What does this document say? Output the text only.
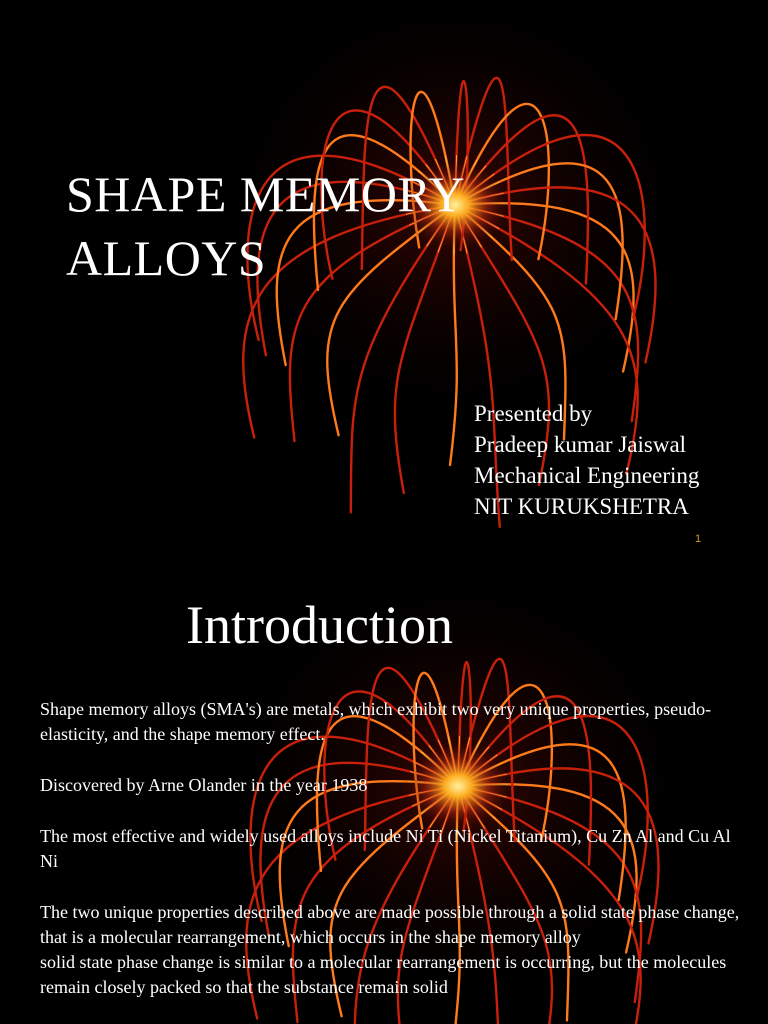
SHAPE MEMORY
ALLOYS
Presented by
Pradeep kumar Jaiswal
Mechanical Engineering
NIT KURUKSHETRA
1
Introduction

Shape memory alloys (SMA's) are metals, which exhibit two very unique properties, pseudo-elasticity, and the shape memory effect.

Discovered by Arne Olander in the year 1938

The most effective and widely used alloys include Ni Ti (Nickel Titanium), Cu Zn Al and Cu Al Ni

The two unique properties described above are made possible through a solid state phase change, that is a molecular rearrangement, which occurs in the shape memory alloy

solid state phase change is similar to a molecular rearrangement is occurring, but the molecules remain closely packed so that the substance remain solid
